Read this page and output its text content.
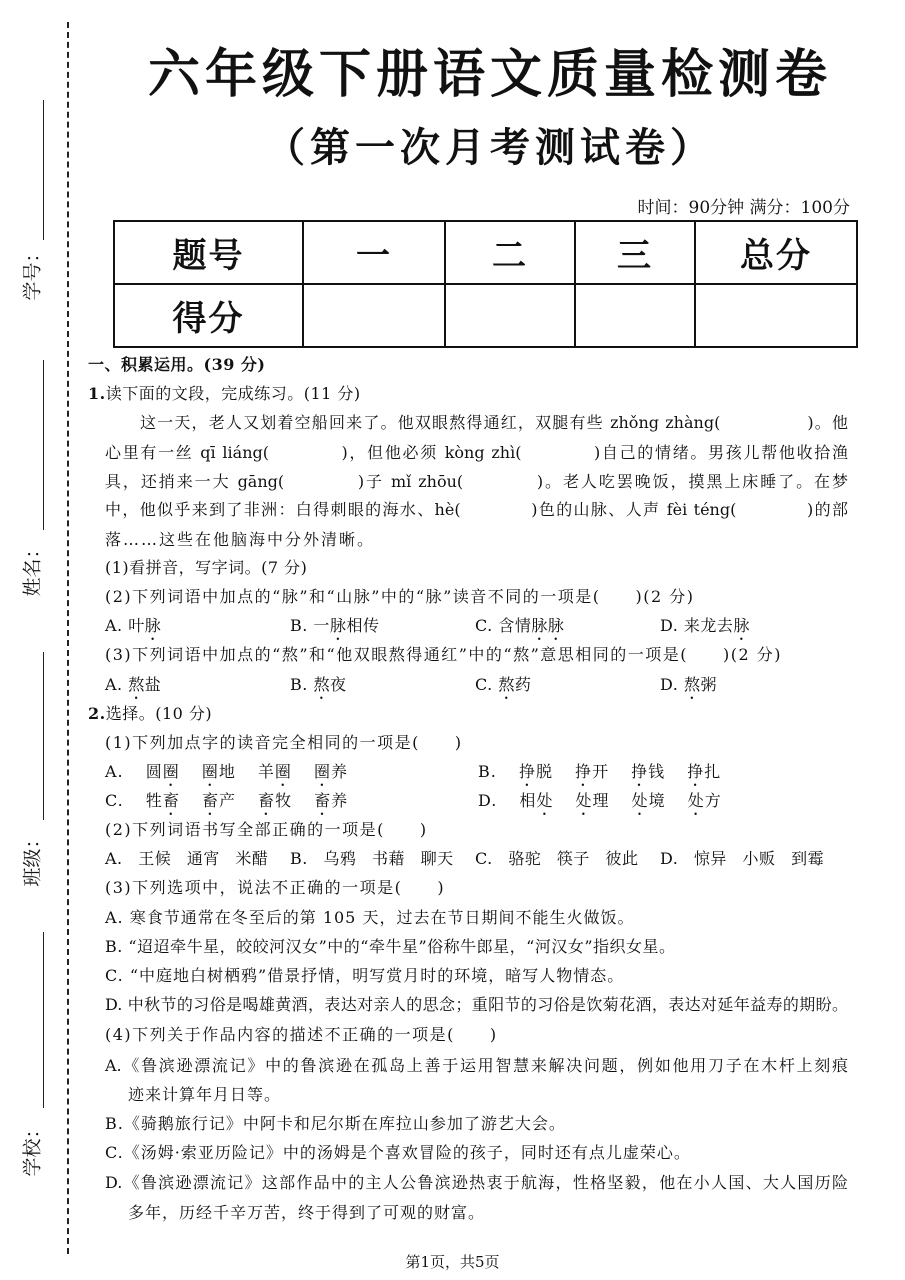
学号：
姓名：
班级：
学校：
六年级下册语文质量检测卷
（第一次月考测试卷）
时间：90分钟 满分：100分
题号	一	二	三	总分
得分				
一、积累运用。(39 分)
1.读下面的文段，完成练习。(11 分)
这一天，老人又划着空船回来了。他双眼熬得通红，双腿有些 zhǒng zhàng(　　　　　)。他
心里有一丝 qī liáng(　　　　)，但他必须 kòng zhì(　　　　)自己的情绪。男孩儿帮他收拾渔
具，还捎来一大 gāng(　　　　)子 mǐ zhōu(　　　　)。老人吃罢晚饭，摸黑上床睡了。在梦
中，他似乎来到了非洲：白得刺眼的海水、hè(　　　　)色的山脉、人声 fèi téng(　　　　)的部
落……这些在他脑海中分外清晰。
(1)看拼音，写字词。(7 分)
(2)下列词语中加点的“脉”和“山脉”中的“脉”读音不同的一项是(　　)(2 分)
A. 叶脉	B. 一脉相传	C. 含情脉脉	D. 来龙去脉
(3)下列词语中加点的“熬”和“他双眼熬得通红”中的“熬”意思相同的一项是(　　)(2 分)
A. 熬盐	B. 熬夜	C. 熬药	D. 熬粥
2.选择。(10 分)
(1)下列加点字的读音完全相同的一项是(　　)
A. 圆圈 圈地 羊圈 圈养	B. 挣脱 挣开 挣钱 挣扎
C. 牲畜 畜产 畜牧 畜养	D. 相处 处理 处境 处方
(2)下列词语书写全部正确的一项是(　　)
A. 王候 通宵 米醋 B. 乌鸦 书藉 聊天 C. 骆驼 筷子 彼此 D. 惊异 小贩 到霉
(3)下列选项中，说法不正确的一项是(　　)
A. 寒食节通常在冬至后的第 105 天，过去在节日期间不能生火做饭。
B. “迢迢牵牛星，皎皎河汉女”中的“牵牛星”俗称牛郎星，“河汉女”指织女星。
C. “中庭地白树栖鸦”借景抒情，明写赏月时的环境，暗写人物情态。
D. 中秋节的习俗是喝雄黄酒，表达对亲人的思念；重阳节的习俗是饮菊花酒，表达对延年益寿的期盼。
(4)下列关于作品内容的描述不正确的一项是(　　)
A.《鲁滨逊漂流记》中的鲁滨逊在孤岛上善于运用智慧来解决问题，例如他用刀子在木杆上刻痕
迹来计算年月日等。
B.《骑鹅旅行记》中阿卡和尼尔斯在库拉山参加了游艺大会。
C.《汤姆·索亚历险记》中的汤姆是个喜欢冒险的孩子，同时还有点儿虚荣心。
D.《鲁滨逊漂流记》这部作品中的主人公鲁滨逊热衷于航海，性格坚毅，他在小人国、大人国历险
多年，历经千辛万苦，终于得到了可观的财富。
第1页，共5页
